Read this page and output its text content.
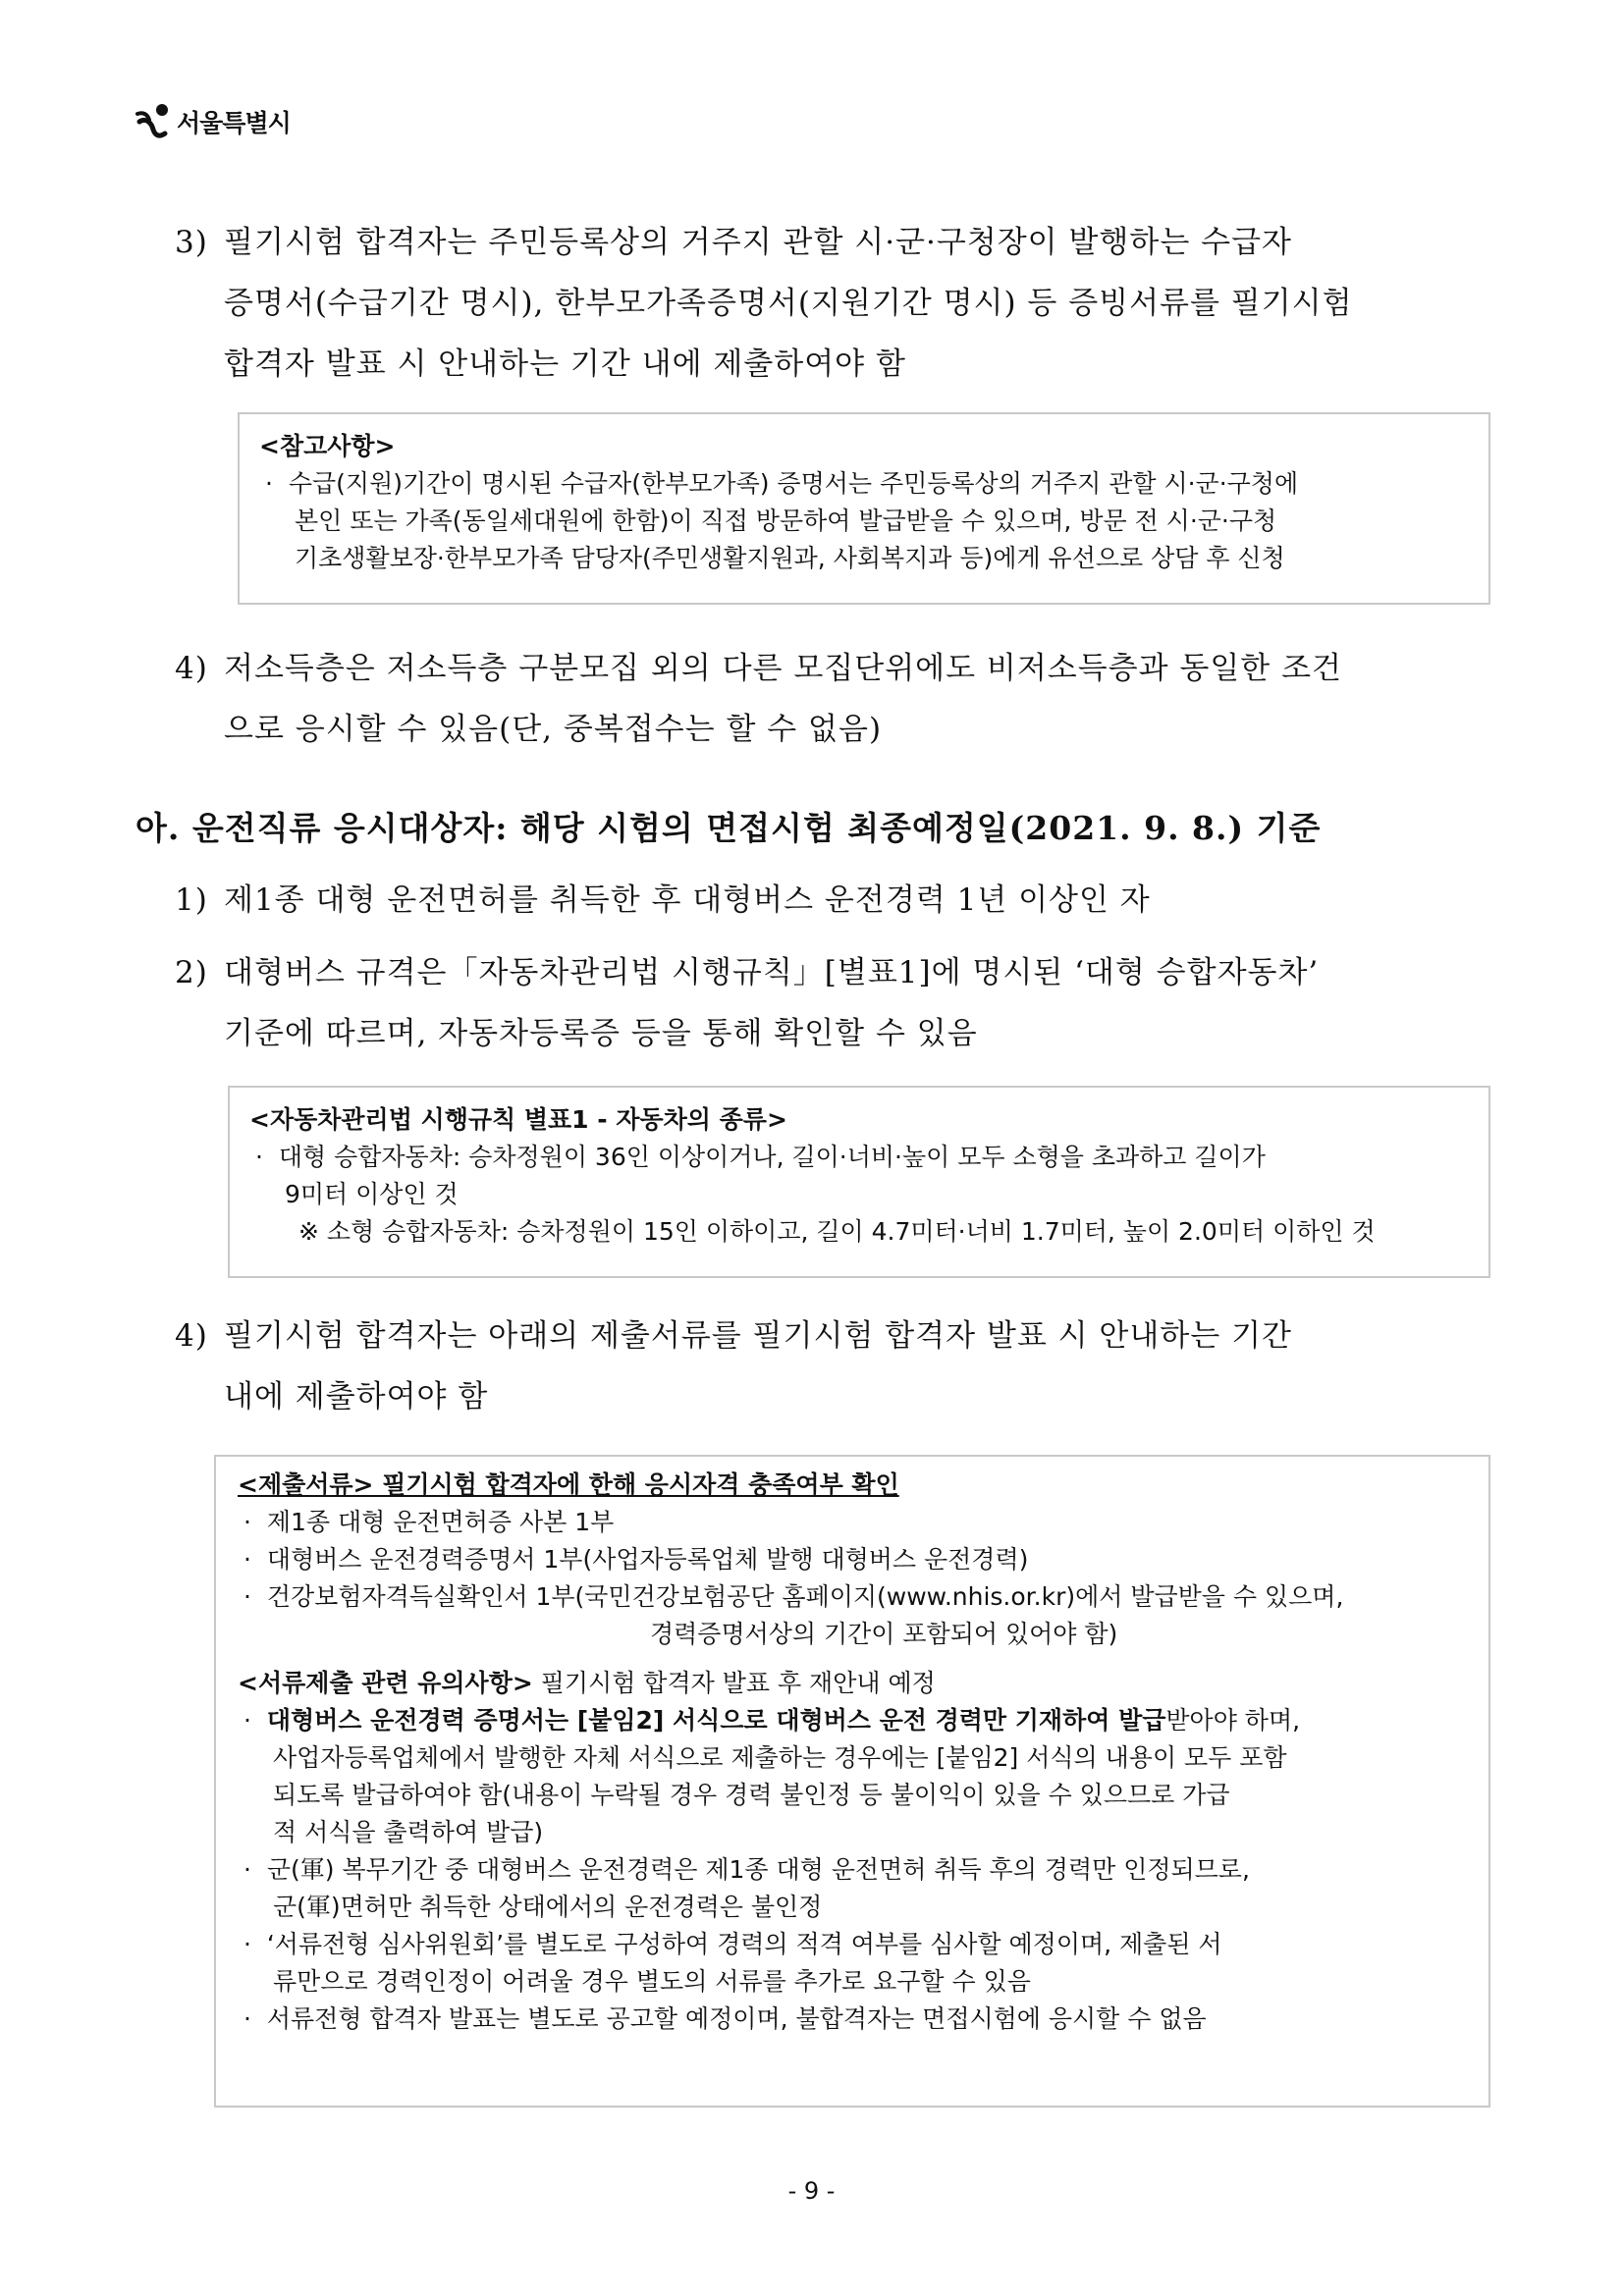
서울특별시
3) 필기시험 합격자는 주민등록상의 거주지 관할 시·군·구청장이 발행하는 수급자
증명서(수급기간 명시), 한부모가족증명서(지원기간 명시) 등 증빙서류를 필기시험
합격자 발표 시 안내하는 기간 내에 제출하여야 함
<참고사항>
· 수급(지원)기간이 명시된 수급자(한부모가족) 증명서는 주민등록상의 거주지 관할 시·군·구청에
본인 또는 가족(동일세대원에 한함)이 직접 방문하여 발급받을 수 있으며, 방문 전 시·군·구청
기초생활보장·한부모가족 담당자(주민생활지원과, 사회복지과 등)에게 유선으로 상담 후 신청
4) 저소득층은 저소득층 구분모집 외의 다른 모집단위에도 비저소득층과 동일한 조건
으로 응시할 수 있음(단, 중복접수는 할 수 없음)
아. 운전직류 응시대상자: 해당 시험의 면접시험 최종예정일(2021. 9. 8.) 기준
1) 제1종 대형 운전면허를 취득한 후 대형버스 운전경력 1년 이상인 자
2) 대형버스 규격은「자동차관리법 시행규칙」[별표1]에 명시된 ‘대형 승합자동차’
기준에 따르며, 자동차등록증 등을 통해 확인할 수 있음
<자동차관리법 시행규칙 별표1 - 자동차의 종류>
· 대형 승합자동차: 승차정원이 36인 이상이거나, 길이·너비·높이 모두 소형을 초과하고 길이가
9미터 이상인 것
※ 소형 승합자동차: 승차정원이 15인 이하이고, 길이 4.7미터·너비 1.7미터, 높이 2.0미터 이하인 것
4) 필기시험 합격자는 아래의 제출서류를 필기시험 합격자 발표 시 안내하는 기간
내에 제출하여야 함
<제출서류> 필기시험 합격자에 한해 응시자격 충족여부 확인
· 제1종 대형 운전면허증 사본 1부
· 대형버스 운전경력증명서 1부(사업자등록업체 발행 대형버스 운전경력)
· 건강보험자격득실확인서 1부(국민건강보험공단 홈페이지(www.nhis.or.kr)에서 발급받을 수 있으며,
경력증명서상의 기간이 포함되어 있어야 함)
<서류제출 관련 유의사항> 필기시험 합격자 발표 후 재안내 예정
· 대형버스 운전경력 증명서는 [붙임2] 서식으로 대형버스 운전 경력만 기재하여 발급받아야 하며,
사업자등록업체에서 발행한 자체 서식으로 제출하는 경우에는 [붙임2] 서식의 내용이 모두 포함
되도록 발급하여야 함(내용이 누락될 경우 경력 불인정 등 불이익이 있을 수 있으므로 가급
적 서식을 출력하여 발급)
· 군(軍) 복무기간 중 대형버스 운전경력은 제1종 대형 운전면허 취득 후의 경력만 인정되므로,
군(軍)면허만 취득한 상태에서의 운전경력은 불인정
· ‘서류전형 심사위원회’를 별도로 구성하여 경력의 적격 여부를 심사할 예정이며, 제출된 서
류만으로 경력인정이 어려울 경우 별도의 서류를 추가로 요구할 수 있음
· 서류전형 합격자 발표는 별도로 공고할 예정이며, 불합격자는 면접시험에 응시할 수 없음
- 9 -
